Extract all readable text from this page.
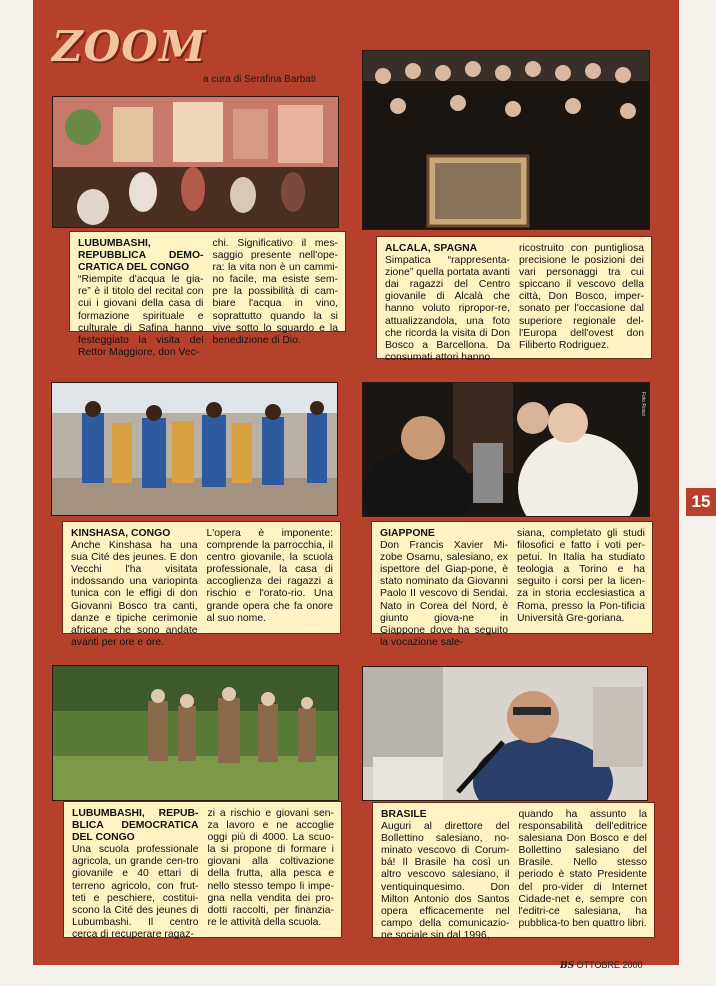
ZOOM
a cura di Serafina Barbati
LUBUMBASHI, REPUBBLICA DEMO-CRATICA DEL CONGO
“Riempite d'acqua le gia-re” è il titolo del recital con cui i giovani della casa di formazione spirituale e culturale di Safina hanno festeggiato la visita del Rettor Maggiore, don Vec-
chi. Significativo il mes-saggio presente nell'ope-ra: la vita non è un cammi-no facile, ma esiste sem-pre la possibilità di cam-biare l'acqua in vino, soprattutto quando la si vive sotto lo sguardo e la benedizione di Dio.
ALCALA, SPAGNA
Simpatica “rappresenta-zione” quella portata avanti dai ragazzi del Centro giovanile di Alcalà che hanno voluto ripropor-re, attualizzandola, una foto che ricorda la visita di Don Bosco a Barcellona. Da consumati attori hanno
ricostruito con puntigliosa precisione le posizioni dei vari personaggi tra cui spiccano il vescovo della città, Don Bosco, imper-sonato per l'occasione dal superiore regionale del-l'Europa dell'ovest don Filiberto Rodriguez.
Foto Rossi
KINSHASA, CONGO
Anche Kinshasa ha una sua Cité des jeunes. E don Vecchi l'ha visitata indossando una variopinta tunica con le effigi di don Giovanni Bosco tra canti, danze e tipiche cerimonie africane che sono andate avanti per ore e ore.
L'opera è imponente: comprende la parrocchia, il centro giovanile, la scuola professionale, la casa di accoglienza dei ragazzi a rischio e l'orato-rio. Una grande opera che fa onore al suo nome.
GIAPPONE
Don Francis Xavier Mi-zobe Osamu, salesiano, ex ispettore del Giap-pone, è stato nominato da Giovanni Paolo II vescovo di Sendai. Nato in Corea del Nord, è giunto giova-ne in Giappone dove ha seguito la vocazione sale-
siana, completato gli studi filosofici e fatto i voti per-petui. In Italia ha studiato teologia a Torino e ha seguito i corsi per la licen-za in storia ecclesiastica a Roma, presso la Pon-tificia Università Gre-goriana.
15
LUBUMBASHI, REPUB-BLICA DEMOCRATICA DEL CONGO
Una scuola professionale agricola, un grande cen-tro giovanile e 40 ettari di terreno agricolo, con frut-teti e peschiere, costitui-scono la Cité des jeunes di Lubumbashi. Il centro cerca di recuperare ragaz-
zi a rischio e giovani sen-za lavoro e ne accoglie oggi più di 4000. La scuo-la si propone di formare i giovani alla coltivazione della frutta, alla pesca e nello stesso tempo li impe-gna nella vendita dei pro-dotti raccolti, per finanzia-re le attività della scuola.
BRASILE
Auguri al direttore del Bollettino salesiano, no-minato vescovo di Corum-bá! Il Brasile ha così un altro vescovo salesiano, il ventiquinquesimo. Don Milton Antonio dos Santos opera efficacemente nel campo della comunicazio-ne sociale sin dal 1996,
quando ha assunto la responsabilità dell'editrice salesiana Don Bosco e del Bollettino salesiano del Brasile. Nello stesso periodo è stato Presidente del pro-vider di Internet Cidade-net e, sempre con l'editri-ce salesiana, ha pubblica-to ben quattro libri.
BS OTTOBRE 2000
